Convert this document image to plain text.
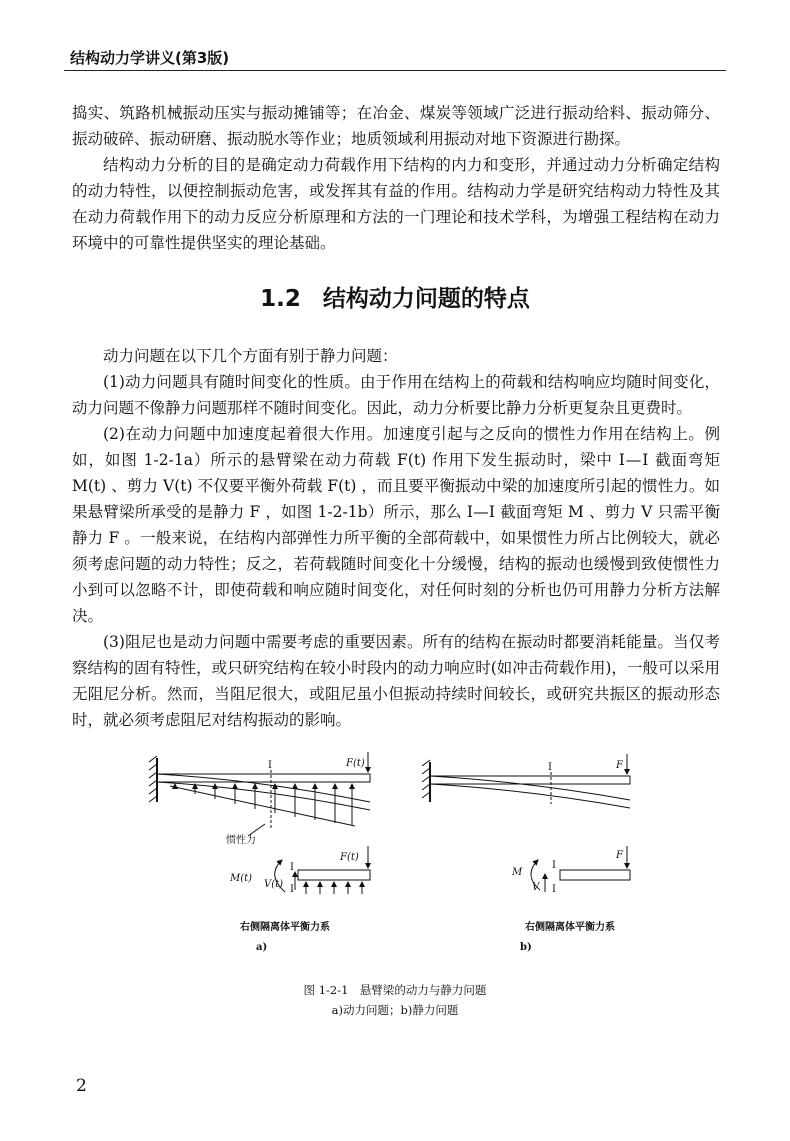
结构动力学讲义(第3版)

捣实、筑路机械振动压实与振动摊铺等；在冶金、煤炭等领域广泛进行振动给料、振动筛分、振动破碎、振动研磨、振动脱水等作业；地质领域利用振动对地下资源进行勘探。

结构动力分析的目的是确定动力荷载作用下结构的内力和变形，并通过动力分析确定结构的动力特性，以便控制振动危害，或发挥其有益的作用。结构动力学是研究结构动力特性及其在动力荷载作用下的动力反应分析原理和方法的一门理论和技术学科，为增强工程结构在动力环境中的可靠性提供坚实的理论基础。

1.2 结构动力问题的特点

动力问题在以下几个方面有别于静力问题：

(1)动力问题具有随时间变化的性质。由于作用在结构上的荷载和结构响应均随时间变化，动力问题不像静力问题那样不随时间变化。因此，动力分析要比静力分析更复杂且更费时。

(2)在动力问题中加速度起着很大作用。加速度引起与之反向的惯性力作用在结构上。例如，如图 1-2-1a）所示的悬臂梁在动力荷载 F(t) 作用下发生振动时，梁中 Ⅰ—Ⅰ 截面弯矩 M(t) 、剪力 V(t) 不仅要平衡外荷载 F(t) ，而且要平衡振动中梁的加速度所引起的惯性力。如果悬臂梁所承受的是静力 F ，如图 1-2-1b）所示，那么 Ⅰ—Ⅰ 截面弯矩 M 、剪力 V 只需平衡静力 F 。一般来说，在结构内部弹性力所平衡的全部荷载中，如果惯性力所占比例较大，就必须考虑问题的动力特性；反之，若荷载随时间变化十分缓慢，结构的振动也缓慢到致使惯性力小到可以忽略不计，即使荷载和响应随时间变化，对任何时刻的分析也仍可用静力分析方法解决。

(3)阻尼也是动力问题中需要考虑的重要因素。所有的结构在振动时都要消耗能量。当仅考察结构的固有特性，或只研究结构在较小时段内的动力响应时(如冲击荷载作用)，一般可以采用无阻尼分析。然而，当阻尼很大，或阻尼虽小但振动持续时间较长，或研究共振区的振动形态时，就必须考虑阻尼对结构振动的影响。

Ⅰ	F(t)
惯性力
F(t)
Ⅰ
Ⅰ
M(t)
V(t)
右侧隔离体平衡力系
a)
Ⅰ	F
F
Ⅰ
Ⅰ
M
V
右侧隔离体平衡力系
b)
图 1-2-1　悬臂梁的动力与静力问题
a)动力问题；b)静力问题
2
